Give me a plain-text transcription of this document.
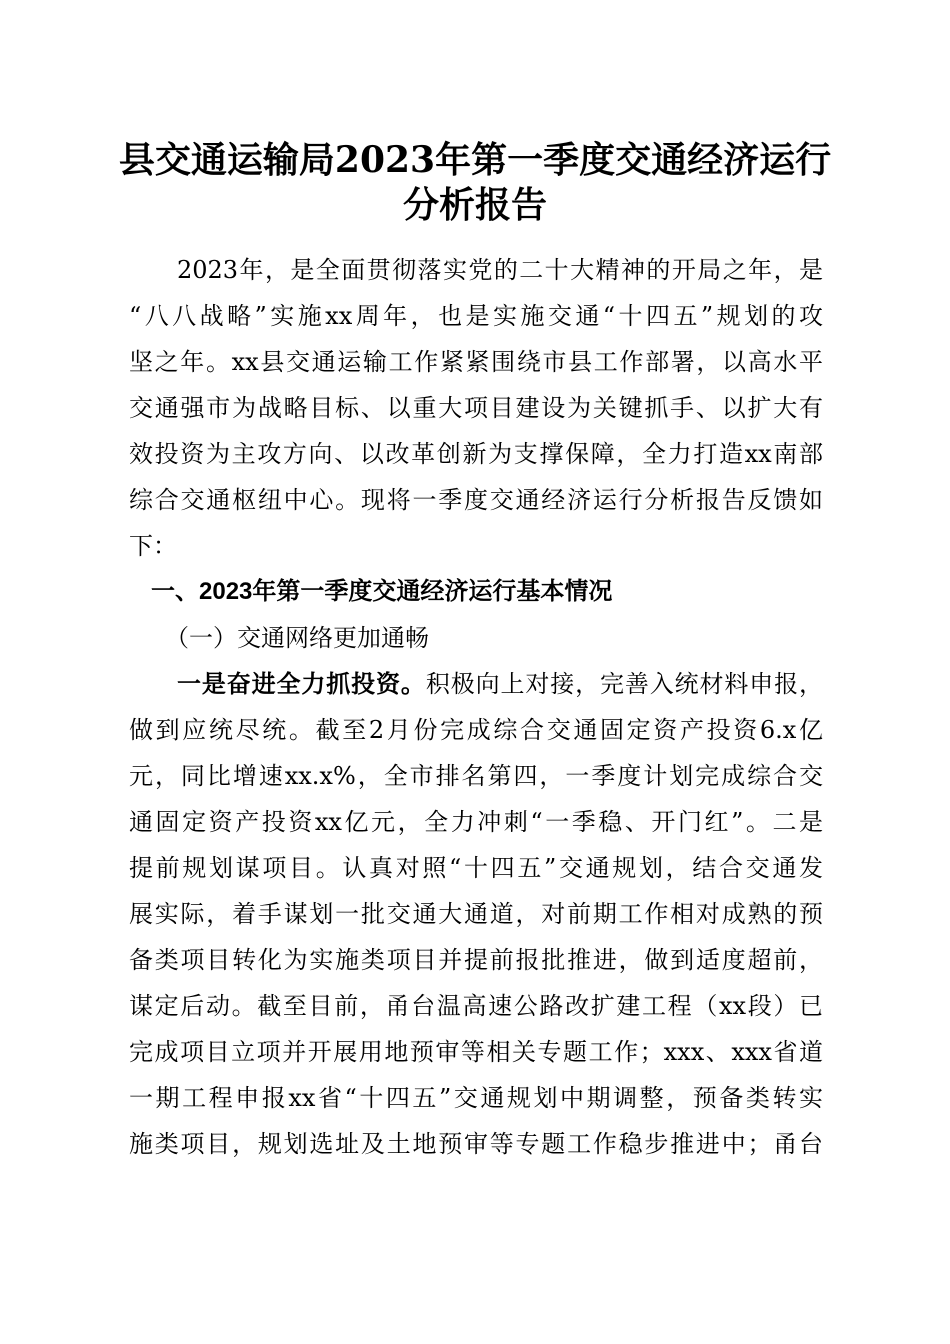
县交通运输局2023年第一季度交通经济运行
分析报告
2023年，是全面贯彻落实党的二十大精神的开局之年，是
“八八战略”实施xx周年，也是实施交通“十四五”规划的攻
坚之年。xx县交通运输工作紧紧围绕市县工作部署，以高水平
交通强市为战略目标、以重大项目建设为关键抓手、以扩大有
效投资为主攻方向、以改革创新为支撑保障，全力打造xx南部
综合交通枢纽中心。现将一季度交通经济运行分析报告反馈如
下：
一、2023年第一季度交通经济运行基本情况
（一）交通网络更加通畅
一是奋进全力抓投资。积极向上对接，完善入统材料申报，
做到应统尽统。截至2月份完成综合交通固定资产投资6.x亿
元，同比增速xx.x%，全市排名第四，一季度计划完成综合交
通固定资产投资xx亿元，全力冲刺“一季稳、开门红”。二是
提前规划谋项目。认真对照“十四五”交通规划，结合交通发
展实际，着手谋划一批交通大通道，对前期工作相对成熟的预
备类项目转化为实施类项目并提前报批推进，做到适度超前，
谋定后动。截至目前，甬台温高速公路改扩建工程（xx段）已
完成项目立项并开展用地预审等相关专题工作；xxx、xxx省道
一期工程申报xx省“十四五”交通规划中期调整，预备类转实
施类项目，规划选址及土地预审等专题工作稳步推进中；甬台
